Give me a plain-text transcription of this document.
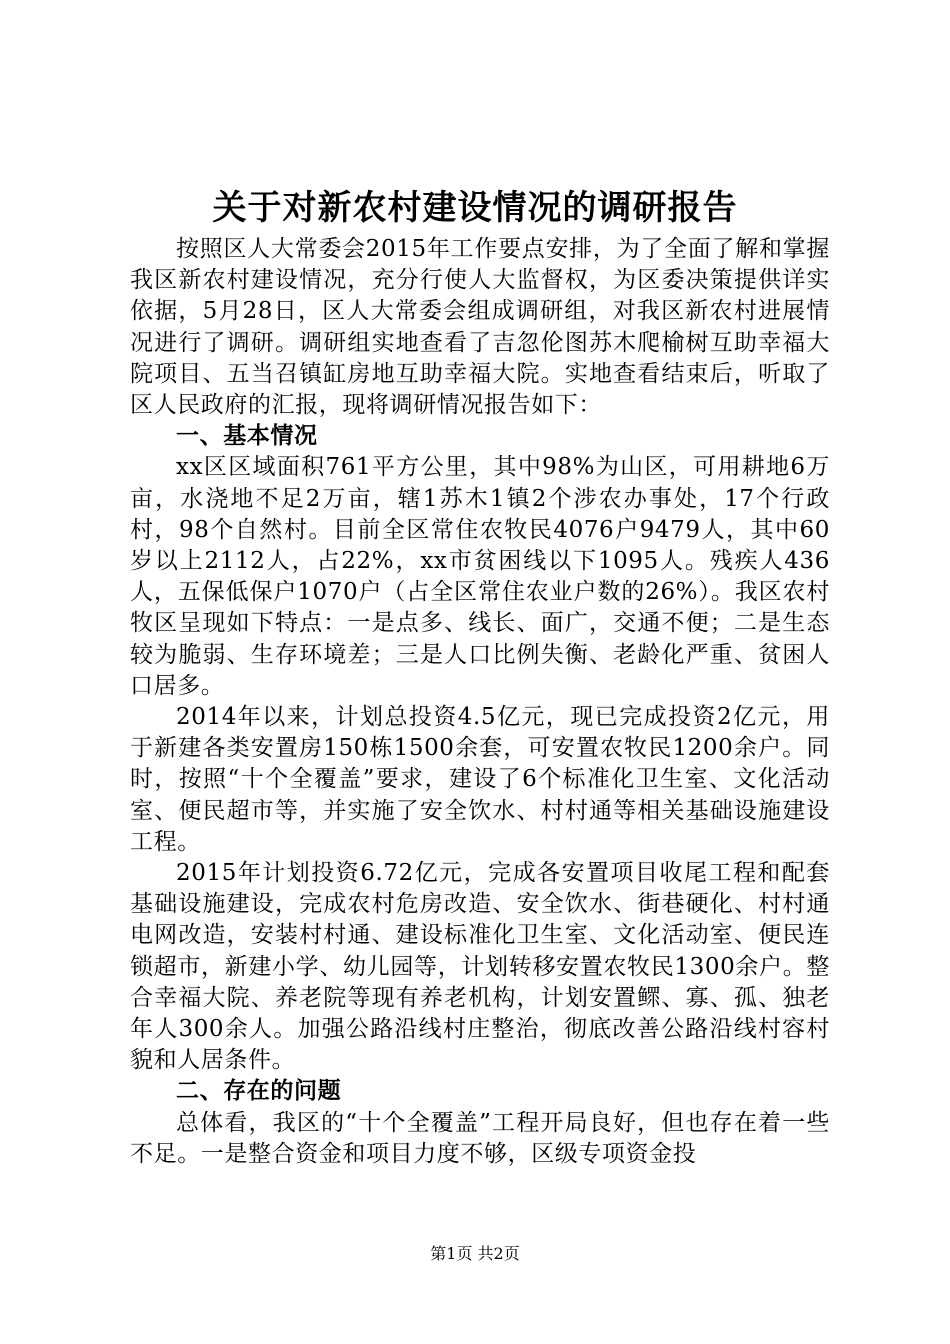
关于对新农村建设情况的调研报告

按照区人大常委会2015年工作要点安排，为了全面了解和掌握我区新农村建设情况，充分行使人大监督权，为区委决策提供详实依据，5月28日，区人大常委会组成调研组，对我区新农村进展情况进行了调研。调研组实地查看了吉忽伦图苏木爬榆树互助幸福大院项目、五当召镇缸房地互助幸福大院。实地查看结束后，听取了区人民政府的汇报，现将调研情况报告如下：

一、基本情况

xx区区域面积761平方公里，其中98%为山区，可用耕地6万亩，水浇地不足2万亩，辖1苏木1镇2个涉农办事处，17个行政村，98个自然村。目前全区常住农牧民4076户9479人，其中60岁以上2112人，占22%，xx市贫困线以下1095人。残疾人436人，五保低保户1070户（占全区常住农业户数的26%）。我区农村牧区呈现如下特点：一是点多、线长、面广，交通不便；二是生态较为脆弱、生存环境差；三是人口比例失衡、老龄化严重、贫困人口居多。

2014年以来，计划总投资4.5亿元，现已完成投资2亿元，用于新建各类安置房150栋1500余套，可安置农牧民1200余户。同时，按照“十个全覆盖”要求，建设了6个标准化卫生室、文化活动室、便民超市等，并实施了安全饮水、村村通等相关基础设施建设工程。

2015年计划投资6.72亿元，完成各安置项目收尾工程和配套基础设施建设，完成农村危房改造、安全饮水、街巷硬化、村村通电网改造，安装村村通、建设标准化卫生室、文化活动室、便民连锁超市，新建小学、幼儿园等，计划转移安置农牧民1300余户。整合幸福大院、养老院等现有养老机构，计划安置鳏、寡、孤、独老年人300余人。加强公路沿线村庄整治，彻底改善公路沿线村容村貌和人居条件。

二、存在的问题

总体看，我区的“十个全覆盖”工程开局良好，但也存在着一些不足。一是整合资金和项目力度不够，区级专项资金投

第1页 共2页
